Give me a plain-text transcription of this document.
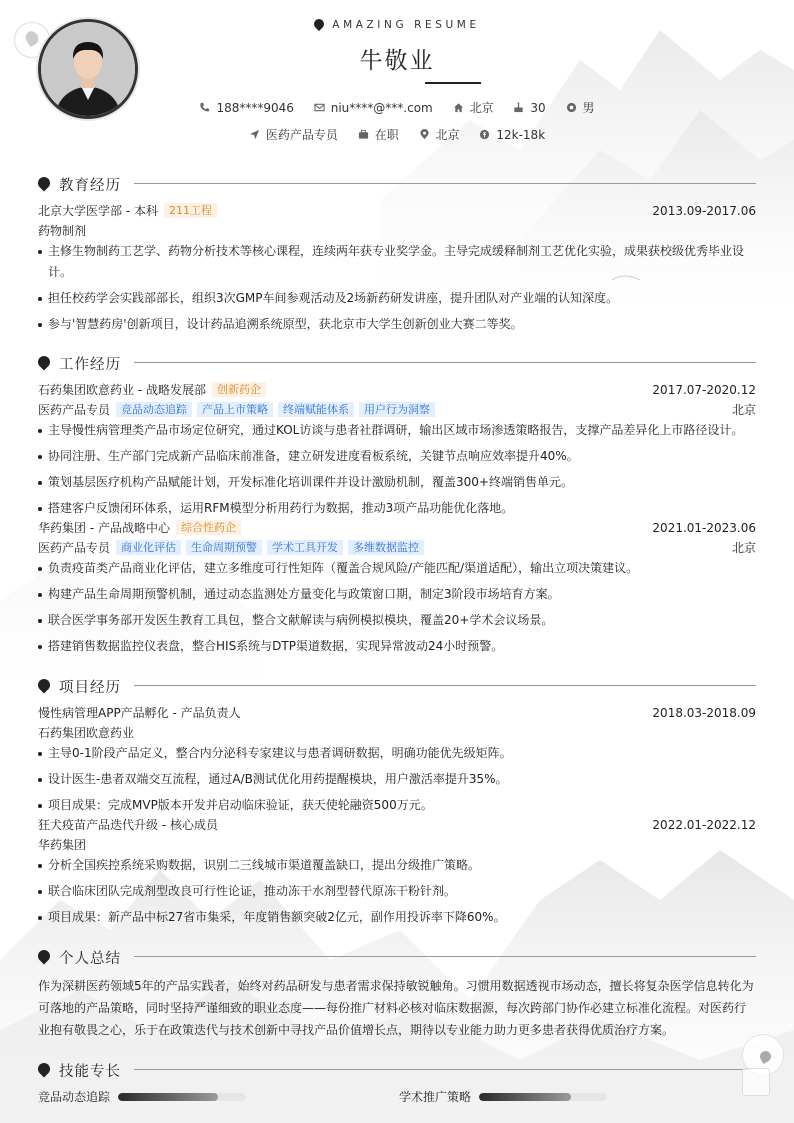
AMAZING RESUME
牛敬业
188****9046	niu****@***.com	北京	30	男
医药产品专员	在职	北京	12k-18k
教育经历
北京大学医学部 - 本科 211工程	2013.09-2017.06
药物制剂
主修生物制药工艺学、药物分析技术等核心课程，连续两年获专业奖学金。主导完成缓释制剂工艺优化实验，成果获校级优秀毕业设计。
担任校药学会实践部部长，组织3次GMP车间参观活动及2场新药研发讲座，提升团队对产业端的认知深度。
参与'智慧药房'创新项目，设计药品追溯系统原型，获北京市大学生创新创业大赛二等奖。
工作经历
石药集团欧意药业 - 战略发展部 创新药企	2017.07-2020.12
医药产品专员 竞品动态追踪 产品上市策略 终端赋能体系 用户行为洞察	北京
主导慢性病管理类产品市场定位研究，通过KOL访谈与患者社群调研，输出区域市场渗透策略报告，支撑产品差异化上市路径设计。
协同注册、生产部门完成新产品临床前准备，建立研发进度看板系统，关键节点响应效率提升40%。
策划基层医疗机构产品赋能计划，开发标准化培训课件并设计激励机制，覆盖300+终端销售单元。
搭建客户反馈闭环体系，运用RFM模型分析用药行为数据，推动3项产品功能优化落地。
华药集团 - 产品战略中心 综合性药企	2021.01-2023.06
医药产品专员 商业化评估 生命周期预警 学术工具开发 多维数据监控	北京
负责疫苗类产品商业化评估，建立多维度可行性矩阵（覆盖合规风险/产能匹配/渠道适配），输出立项决策建议。
构建产品生命周期预警机制，通过动态监测处方量变化与政策窗口期，制定3阶段市场培育方案。
联合医学事务部开发医生教育工具包，整合文献解读与病例模拟模块，覆盖20+学术会议场景。
搭建销售数据监控仪表盘，整合HIS系统与DTP渠道数据，实现异常波动24小时预警。
项目经历
慢性病管理APP产品孵化 - 产品负责人	2018.03-2018.09
石药集团欧意药业
主导0-1阶段产品定义，整合内分泌科专家建议与患者调研数据，明确功能优先级矩阵。
设计医生-患者双端交互流程，通过A/B测试优化用药提醒模块，用户激活率提升35%。
项目成果：完成MVP版本开发并启动临床验证，获天使轮融资500万元。
狂犬疫苗产品迭代升级 - 核心成员	2022.01-2022.12
华药集团
分析全国疾控系统采购数据，识别二三线城市渠道覆盖缺口，提出分级推广策略。
联合临床团队完成剂型改良可行性论证，推动冻干水剂型替代原冻干粉针剂。
项目成果：新产品中标27省市集采，年度销售额突破2亿元，副作用投诉率下降60%。
个人总结

作为深耕医药领域5年的产品实践者，始终对药品研发与患者需求保持敏锐触角。习惯用数据透视市场动态，擅长将复杂医学信息转化为可落地的产品策略，同时坚持严谨细致的职业态度——每份推广材料必核对临床数据源，每次跨部门协作必建立标准化流程。对医药行业抱有敬畏之心，乐于在政策迭代与技术创新中寻找产品价值增长点，期待以专业能力助力更多患者获得优质治疗方案。

技能专长
竞品动态追踪	学术推广策略
